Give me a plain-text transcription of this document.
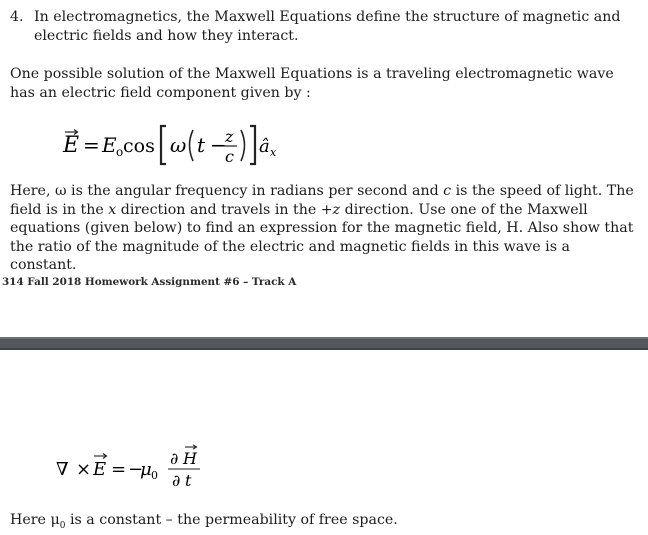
4. In electromagnetics, the Maxwell Equations define the structure of magnetic and electric fields and how they interact.
One possible solution of the Maxwell Equations is a traveling electromagnetic wave has an electric field component given by :
E = E o cos ω t −
z
c â x
Here, ω is the angular frequency in radians per second and c is the speed of light. The field is in the x direction and travels in the +z direction. Use one of the Maxwell equations (given below) to find an expression for the magnetic field, H. Also show that the ratio of the magnitude of the electric and magnetic fields in this wave is a constant.
314 Fall 2018 Homework Assignment #6 – Track A
∇ × E = −
μ 0
∂ H
∂ t
Here $\mu_0$ is a constant – the permeability of free space.
